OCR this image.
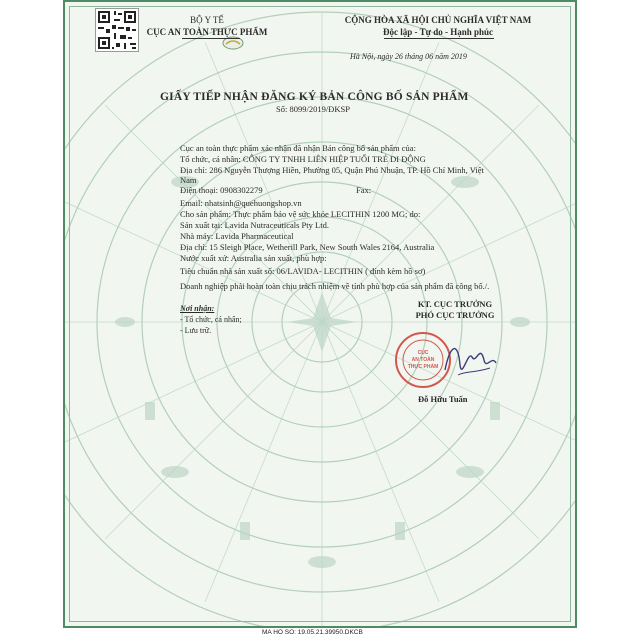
BỘ Y TẾ
CỤC AN TOÀN THỰC PHẨM
CỘNG HÒA XÃ HỘI CHỦ NGHĨA VIỆT NAM
Độc lập - Tự do - Hạnh phúc
Hà Nội, ngày 26 tháng 06 năm 2019
GIẤY TIẾP NHẬN ĐĂNG KÝ BẢN CÔNG BỐ SẢN PHẨM
Số: 8099/2019/ĐKSP
Cục an toàn thực phẩm xác nhận đã nhận Bản công bố sản phẩm của:
Tổ chức, cá nhân: CÔNG TY TNHH LIÊN HIỆP TUỔI TRẺ DI ĐỘNG
Địa chỉ: 286 Nguyễn Thượng Hiền, Phường 05, Quận Phú Nhuận, TP. Hồ Chí Minh, Việt
Nam
Điện thoại: 0908302279	Fax:
Email: nhatsinh@quehuongshop.vn
Cho sản phẩm: Thực phẩm bảo vệ sức khỏe LECITHIN 1200 MG; do:
Sản xuất tại: Lavida Nutraceuticals Pty Ltd.
Nhà máy: Lavida Pharmaceutical
Địa chỉ: 15 Sleigh Place, Wetherill Park, New South Wales 2164, Australia
Nước xuất xứ: Australia sản xuất, phù hợp:
Tiêu chuẩn nhà sản xuất số: 06/LAVIDA- LECITHIN ( đính kèm hồ sơ)
Doanh nghiệp phải hoàn toàn chịu trách nhiệm về tính phù hợp của sản phẩm đã công bố./.
Nơi nhận:
- Tổ chức, cá nhân;
- Lưu trữ.
KT. CỤC TRƯỞNG
PHÓ CỤC TRƯỞNG
CỤC
AN TOÀN
THỰC PHẨM
Đỗ Hữu Tuấn
MA HO SO: 19.05.21.39950.DKCB
